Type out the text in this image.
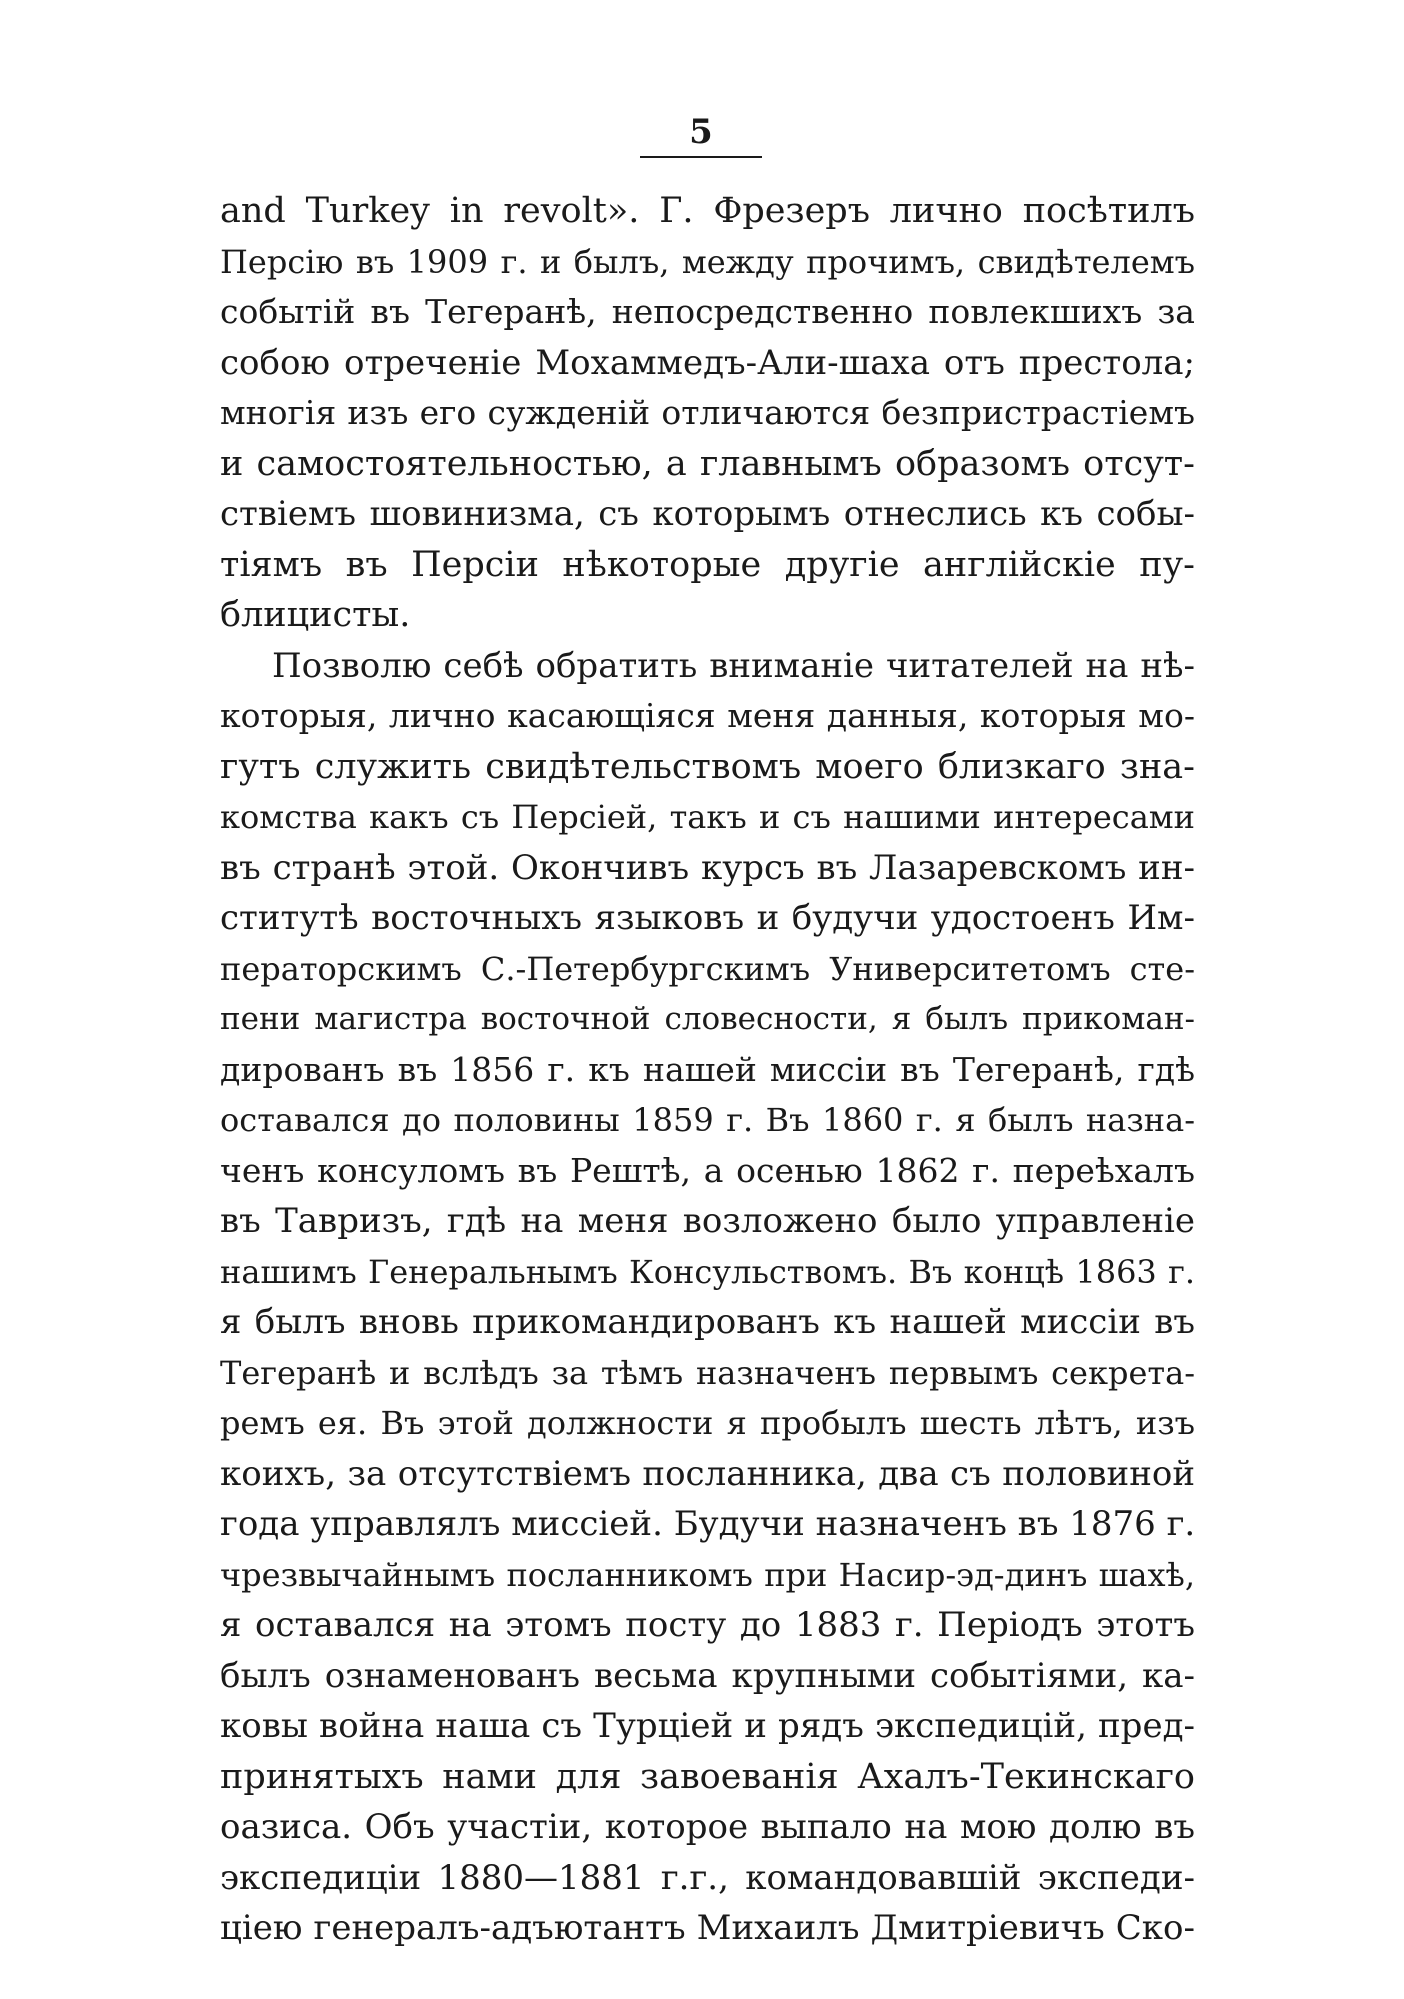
5
and Turkey in revolt». Г. Фрезеръ лично посѣтилъ
Персію въ 1909 г. и былъ, между прочимъ, свидѣтелемъ
событій въ Тегеранѣ, непосредственно повлекшихъ за
собою отреченіе Мохаммедъ-Али-шаха отъ престола;
многія изъ его сужденій отличаются безпристрастіемъ
и самостоятельностью, а главнымъ образомъ отсут-
ствіемъ шовинизма, съ которымъ отнеслись къ собы-
тіямъ въ Персіи нѣкоторые другіе англійскіе пу-
блицисты.
Позволю себѣ обратить вниманіе читателей на нѣ-
которыя, лично касающіяся меня данныя, которыя мо-
гутъ служить свидѣтельствомъ моего близкаго зна-
комства какъ съ Персіей, такъ и съ нашими интересами
въ странѣ этой. Окончивъ курсъ въ Лазаревскомъ ин-
ститутѣ восточныхъ языковъ и будучи удостоенъ Им-
ператорскимъ С.-Петербургскимъ Университетомъ сте-
пени магистра восточной словесности, я былъ прикоман-
дированъ въ 1856 г. къ нашей миссіи въ Тегеранѣ, гдѣ
оставался до половины 1859 г. Въ 1860 г. я былъ назна-
ченъ консуломъ въ Рештѣ, а осенью 1862 г. переѣхалъ
въ Тавризъ, гдѣ на меня возложено было управленіе
нашимъ Генеральнымъ Консульствомъ. Въ концѣ 1863 г.
я былъ вновь прикомандированъ къ нашей миссіи въ
Тегеранѣ и вслѣдъ за тѣмъ назначенъ первымъ секрета-
ремъ ея. Въ этой должности я пробылъ шесть лѣтъ, изъ
коихъ, за отсутствіемъ посланника, два съ половиной
года управлялъ миссіей. Будучи назначенъ въ 1876 г.
чрезвычайнымъ посланникомъ при Насир-эд-динъ шахѣ,
я оставался на этомъ посту до 1883 г. Періодъ этотъ
былъ ознаменованъ весьма крупными событіями, ка-
ковы война наша съ Турціей и рядъ экспедицій, пред-
принятыхъ нами для завоеванія Ахалъ-Текинскаго
оазиса. Объ участіи, которое выпало на мою долю въ
экспедиціи 1880—1881 г.г., командовавшій экспеди-
ціею генералъ-адъютантъ Михаилъ Дмитріевичъ Ско-
